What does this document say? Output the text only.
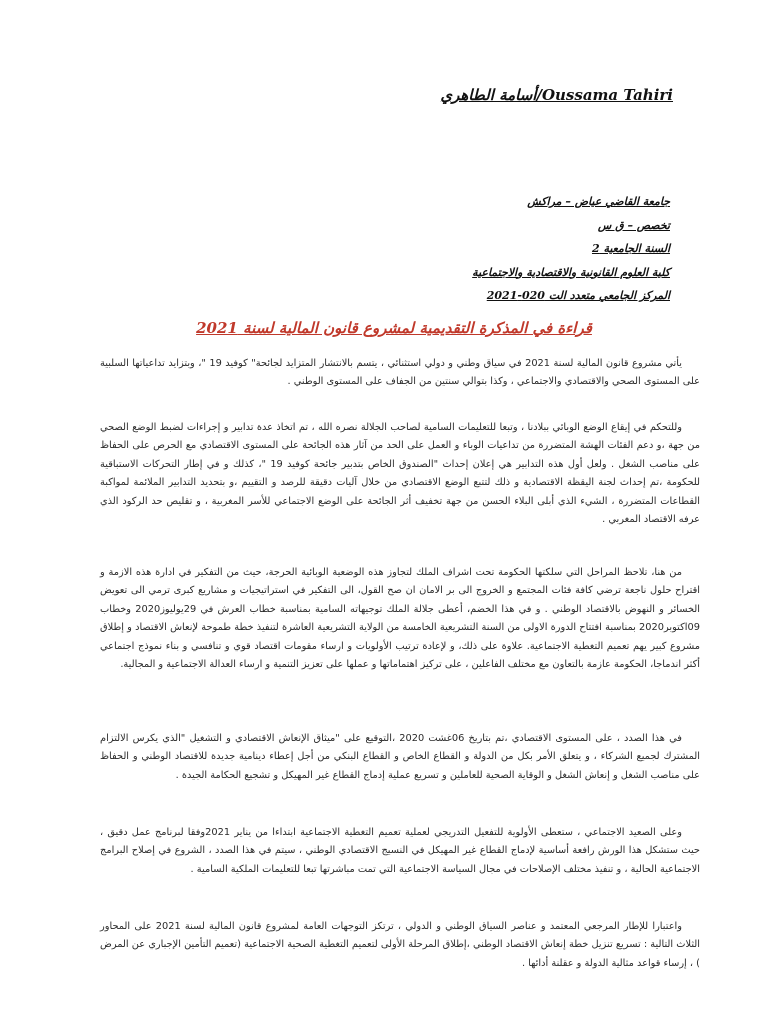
Oussama Tahiri/أسامة الطاهري
جامعة القاضي عياض – مراكش
تخصص – ق س
السنة الجامعية 2
كلية العلوم القانونية والاقتصادية والاجتماعية
المركز الجامعي متعدد الت 020-2021
قراءة في المذكرة التقديمية لمشروع قانون المالية لسنة 2021

يأتي مشروع قانون المالية لسنة 2021 في سياق وطني و دولي استثنائي ، يتسم بالانتشار المتزايد لجائحة" كوفيد 19 "، وبتزايد تداعياتها السلبية على المستوى الصحي والاقتصادي والاجتماعي ، وكذا بتوالي سنتين من الجفاف على المستوى الوطني .

وللتحكم في إيقاع الوضع الوبائي ببلادنا ، وتبعا للتعليمات السامية لصاحب الجلالة نصره الله ، تم اتخاذ عدة تدابير و إجراءات لضبط الوضع الصحي من جهة ،و دعم الفئات الهشة المتضررة من تداعيات الوباء و العمل على الحد من آثار هذه الجائحة على المستوى الاقتصادي مع الحرص على الحفاظ على مناصب الشغل . ولعل أول هذه التدابير هي إعلان إحداث "الصندوق الخاص بتدبير جائحة كوفيد 19 "، كذلك و في إطار التحركات الاستباقية للحكومة ،تم إحداث لجنة اليقظة الاقتصادية و ذلك لتتبع الوضع الاقتصادي من خلال آليات دقيقة للرصد و التقييم ،و بتحديد التدابير الملائمة لمواكبة القطاعات المتضررة ، الشيء الذي أبلى البلاء الحسن من جهة تخفيف أثر الجائحة على الوضع الاجتماعي للأسر المغربية ، و تقليص حد الركود الذي عرفه الاقتصاد المغربي .

من هنا، تلاحظ المراحل التي سلكتها الحكومة تحت اشراف الملك لتجاوز هذه الوضعية الوبائية الحرجة، حيث من التفكير في ادارة هذه الازمة و اقتراح حلول ناجعة ترضي كافة فئات المجتمع و الخروج الى بر الامان ان صح القول، الى التفكير في استراتيجيات و مشاريع كبرى ترمي الى تعويض الخسائر و النهوض بالاقتصاد الوطني . و في هذا الخضم، أعطى جلالة الملك توجيهاته السامية بمناسبة خطاب العرش في 29يوليوز2020 وخطاب 09اكتوبر2020 بمناسبة افتتاح الدورة الاولى من السنة التشريعية الخامسة من الولاية التشريعية العاشرة لتنفيذ خطة طموحة لإنعاش الاقتصاد و إطلاق مشروع كبير يهم تعميم التغطية الاجتماعية. علاوة على ذلك، و لإعادة ترتيب الأولويات و ارساء مقومات اقتصاد قوي و تنافسي و بناء نموذج اجتماعي أكثر اندماجا، الحكومة عازمة بالتعاون مع مختلف الفاعلين ، على تركيز اهتماماتها و عملها على تعزيز التنمية و ارساء العدالة الاجتماعية و المجالية.

في هذا الصدد ، على المستوى الاقتصادي ،تم بتاريخ 06غشت 2020 ،التوقيع على "ميثاق الإنعاش الاقتصادي و التشغيل "الذي يكرس الالتزام المشترك لجميع الشركاء ، و يتعلق الأمر بكل من الدولة و القطاع الخاص و القطاع البنكي من أجل إعطاء دينامية جديدة للاقتصاد الوطني و الحفاظ على مناصب الشغل و إنعاش الشغل و الوقاية الصحية للعاملين و تسريع عملية إدماج القطاع غير المهيكل و تشجيع الحكامة الجيدة .

وعلى الصعيد الاجتماعي ، ستعطى الأولوية للتفعيل التدريجي لعملية تعميم التغطية الاجتماعية ابتداءا من يناير 2021وفقا لبرنامج عمل دقيق ، حيث ستشكل هذا الورش رافعة أساسية لإدماج القطاع غير المهيكل في النسيج الاقتصادي الوطني ، سيتم في هذا الصدد ، الشروع في إصلاح البرامج الاجتماعية الحالية ، و تنفيذ مختلف الإصلاحات في مجال السياسة الاجتماعية التي تمت مباشرتها تبعا للتعليمات الملكية السامية .

واعتبارا للإطار المرجعي المعتمد و عناصر السياق الوطني و الدولي ، ترتكز التوجهات العامة لمشروع قانون المالية لسنة 2021 على المحاور الثلاث التالية : تسريع تنزيل خطة إنعاش الاقتصاد الوطني ،إطلاق المرحلة الأولى لتعميم التغطية الصحية الاجتماعية (تعميم التأمين الإجباري عن المرض ) ، إرساء قواعد مثالية الدولة و عقلنة أدائها .
